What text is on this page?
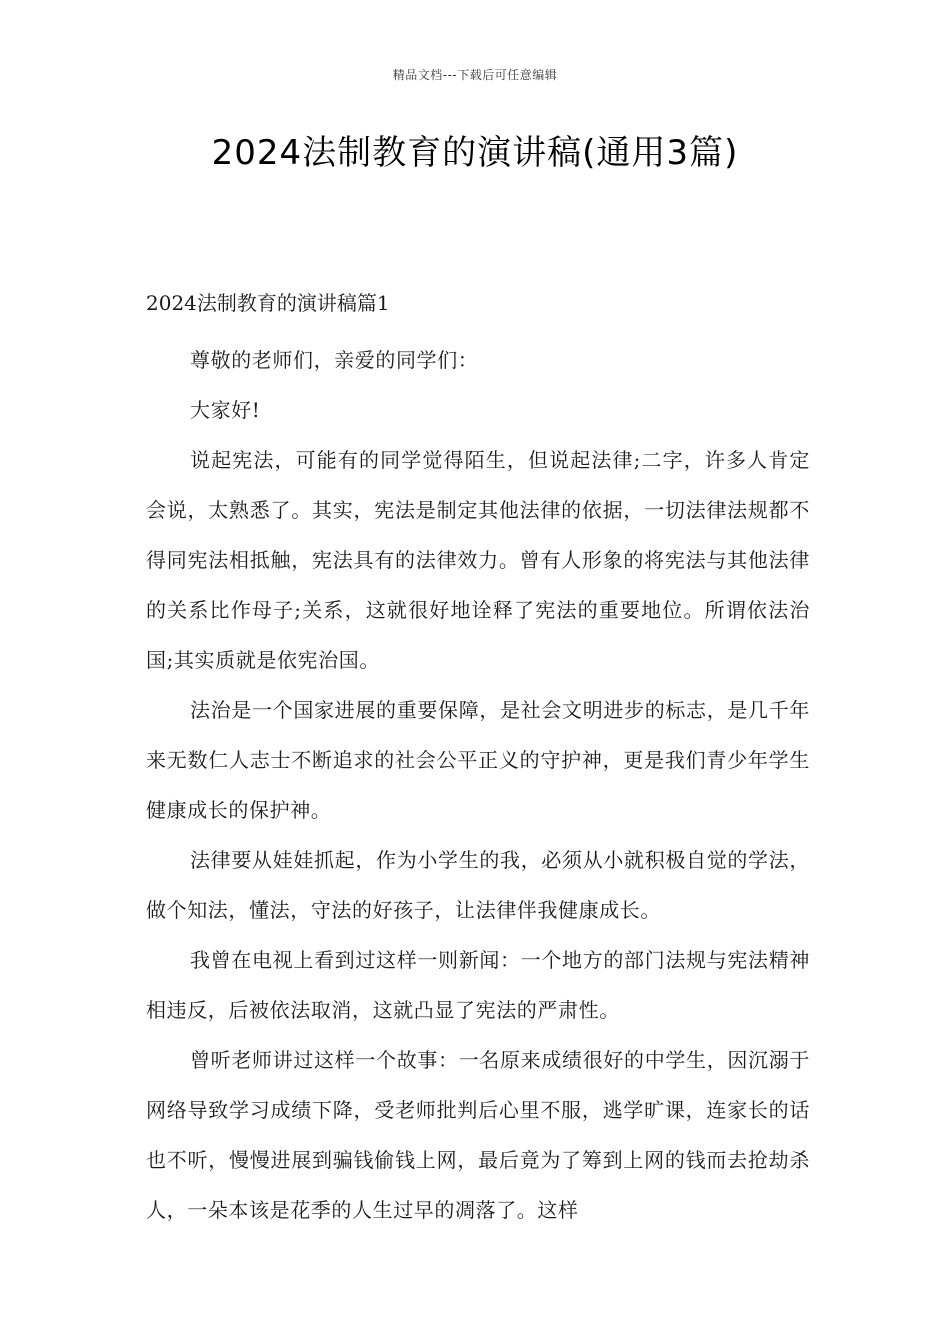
精品文档---下载后可任意编辑
2024法制教育的演讲稿(通用3篇)

2024法制教育的演讲稿篇1

尊敬的老师们，亲爱的同学们：

大家好!

说起宪法，可能有的同学觉得陌生，但说起法律;二字，许多人肯定会说，太熟悉了。其实，宪法是制定其他法律的依据，一切法律法规都不得同宪法相抵触，宪法具有的法律效力。曾有人形象的将宪法与其他法律的关系比作母子;关系，这就很好地诠释了宪法的重要地位。所谓依法治国;其实质就是依宪治国。

法治是一个国家进展的重要保障，是社会文明进步的标志，是几千年来无数仁人志士不断追求的社会公平正义的守护神，更是我们青少年学生健康成长的保护神。

法律要从娃娃抓起，作为小学生的我，必须从小就积极自觉的学法，做个知法，懂法，守法的好孩子，让法律伴我健康成长。

我曾在电视上看到过这样一则新闻：一个地方的部门法规与宪法精神相违反，后被依法取消，这就凸显了宪法的严肃性。

曾听老师讲过这样一个故事：一名原来成绩很好的中学生，因沉溺于网络导致学习成绩下降，受老师批判后心里不服，逃学旷课，连家长的话也不听，慢慢进展到骗钱偷钱上网，最后竟为了筹到上网的钱而去抢劫杀人，一朵本该是花季的人生过早的凋落了。这样
